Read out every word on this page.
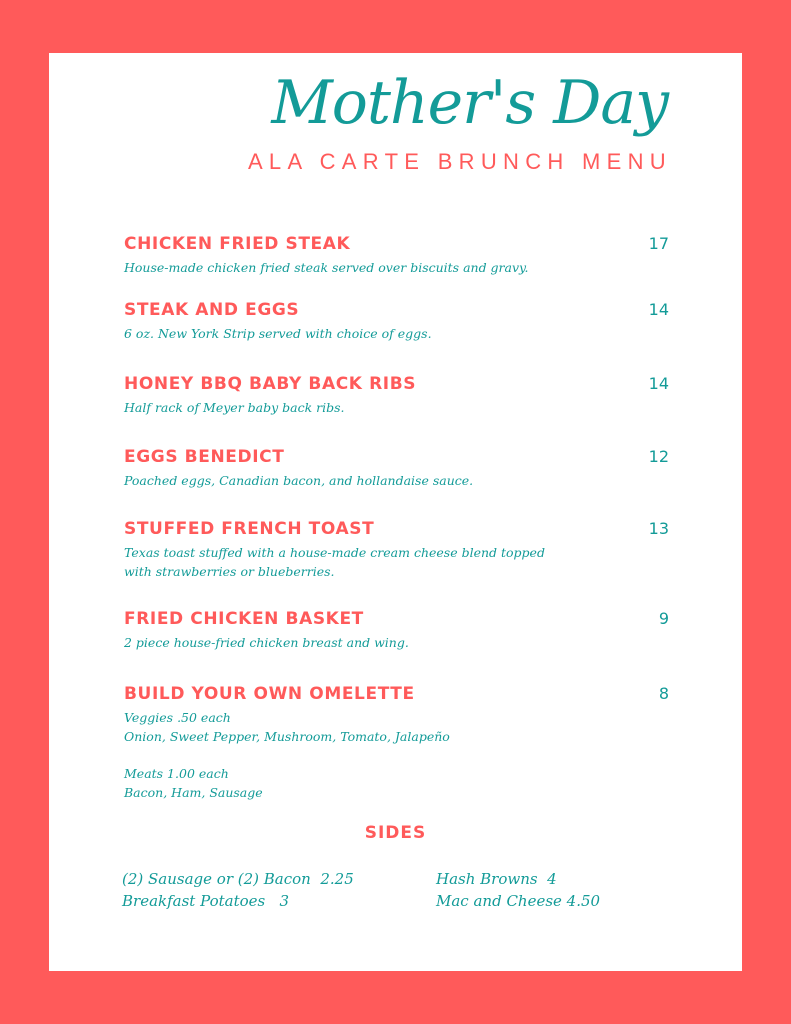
Mother's Day
ALA CARTE BRUNCH MENU
CHICKEN FRIED STEAK	17
House-made chicken fried steak served over biscuits and gravy.
STEAK AND EGGS	14
6 oz. New York Strip served with choice of eggs.
HONEY BBQ BABY BACK RIBS	14
Half rack of Meyer baby back ribs.
EGGS BENEDICT	12
Poached eggs, Canadian bacon, and hollandaise sauce.
STUFFED FRENCH TOAST	13
Texas toast stuffed with a house-made cream cheese blend topped
with strawberries or blueberries.
FRIED CHICKEN BASKET	9
2 piece house-fried chicken breast and wing.
BUILD YOUR OWN OMELETTE	8
Veggies .50 each
Onion, Sweet Pepper, Mushroom, Tomato, Jalapeño
Meats 1.00 each
Bacon, Ham, Sausage
SIDES
(2) Sausage or (2) Bacon  2.25
Breakfast Potatoes   3
Hash Browns  4
Mac and Cheese 4.50
